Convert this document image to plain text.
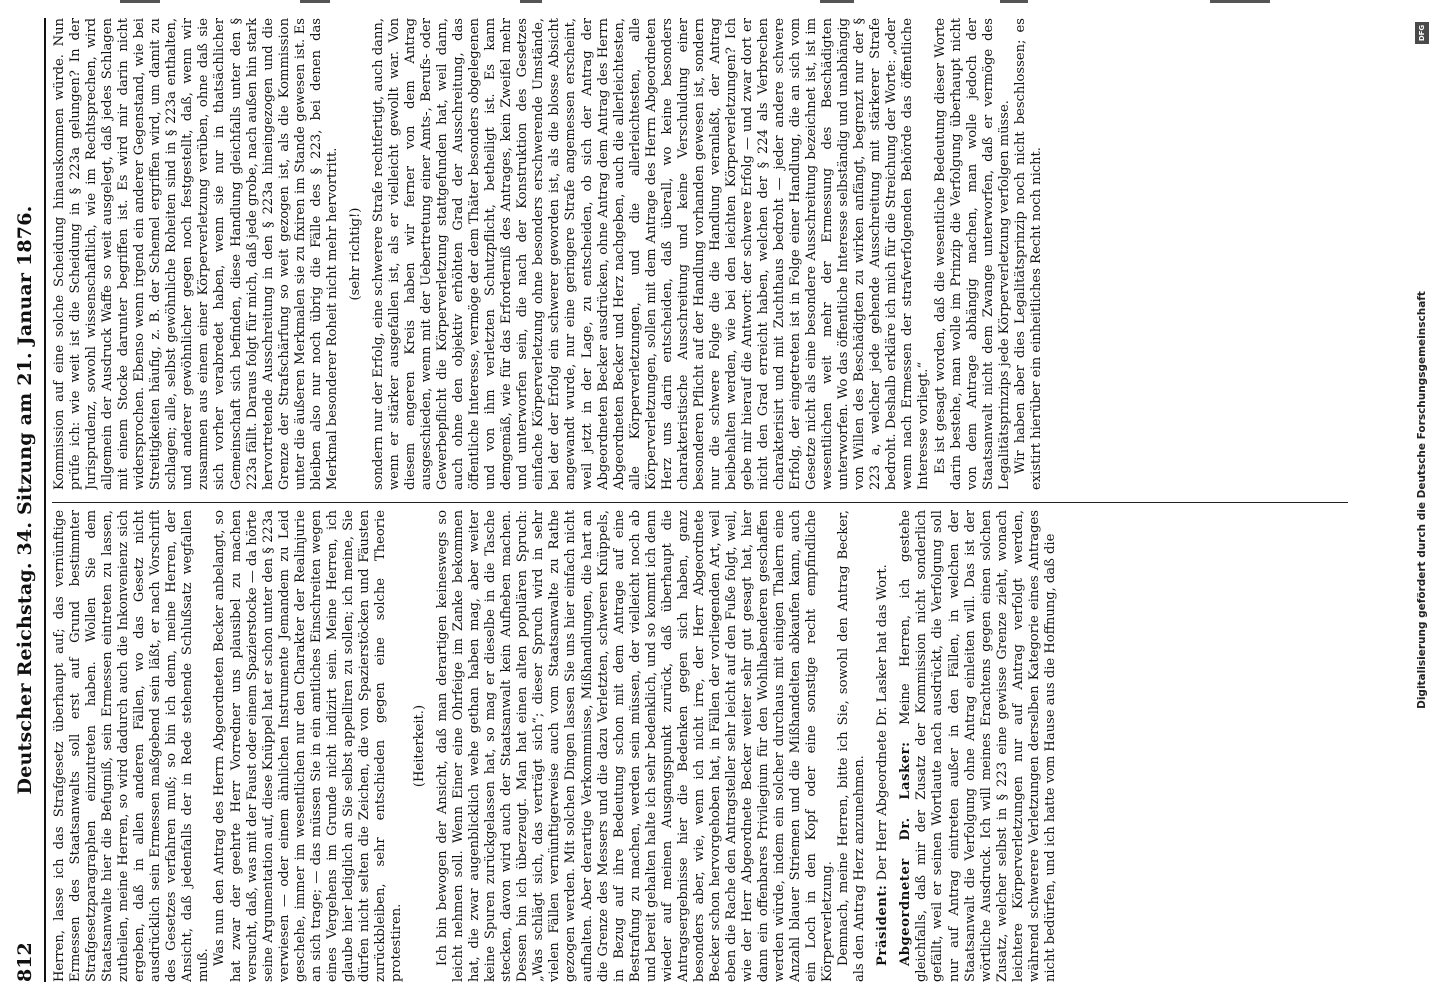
812
Deutscher Reichstag. 34. Sitzung am 21. Januar 1876. Herren, lasse ich das Strafgesetz überhaupt auf; das vernünftige Ermessen des Staatsanwalts soll erst auf Grund bestimmter Strafgesetzparagraphen einzutreten haben. Wollen Sie dem Staatsanwalte hier die Befugniß, sein Ermessen eintreten zu lassen, zutheilen, meine Herren, so wird dadurch auch die Inkonvenienz sich ergeben, daß in allen anderen Fällen, wo das Gesetz nicht ausdrücklich sein Ermessen maßgebend sein läßt, er nach Vorschrift des Gesetzes verfahren muß; so bin ich denn, meine Herren, der Ansicht, daß jedenfalls der in Rede stehende Schlußsatz wegfallen muß. Was nun den Antrag des Herrn Abgeordneten Becker anbelangt, so hat zwar der geehrte Herr Vorredner uns plausibel zu machen versucht, daß, was mit der Faust oder einem Spazierstocke — da hörte seine Argumentation auf, diese Knüppel hat er schon unter den § 223a verwiesen — oder einem ähnlichen Instrumente Jemandem zu Leid geschehe, immer im wesentlichen nur den Charakter der Realinjurie an sich trage; — das müssen Sie in ein amtliches Einschreiten wegen eines Vergehens im Grunde nicht indizirt sein. Meine Herren, ich glaube hier lediglich an Sie selbst appelliren zu sollen; ich meine, Sie dürfen nicht selten die Zeichen, die von Spazierstöcken und Fäusten zurückbleiben, sehr entschieden gegen eine solche Theorie protestiren.

(Heiterkeit.) Ich bin bewogen der Ansicht, daß man derartigen keineswegs so leicht nehmen soll. Wenn Einer eine Ohrfeige im Zanke bekommen hat, die zwar augenblicklich wehe gethan haben mag, aber weiter keine Spuren zurückgelassen hat, so mag er dieselbe in die Tasche stecken, davon wird auch der Staatsanwalt kein Aufheben machen. Dessen bin ich überzeugt. Man hat einen alten populären Spruch: „Was schlägt sich, das verträgt sich“; dieser Spruch wird in sehr vielen Fällen vernünftigerweise auch vom Staatsanwalte zu Rathe gezogen werden. Mit solchen Dingen lassen Sie uns hier einfach nicht aufhalten. Aber derartige Verkommnisse, Mißhandlungen, die hart an die Grenze des Messers und die dazu Verletzten, schweren Knüppels, in Bezug auf ihre Bedeutung schon mit dem Antrage auf eine Bestrafung zu machen, werden sein müssen, der vielleicht noch ab und bereit gehalten halte ich sehr bedenklich, und so kommt ich denn wieder auf meinen Ausgangspunkt zurück, daß überhaupt die Antragsergebnisse hier die Bedenken gegen sich haben, ganz besonders aber, wie, wenn ich nicht irre, der Herr Abgeordnete Becker schon hervorgehoben hat, in Fällen der vorliegenden Art, weil eben die Rache den Antragsteller sehr leicht auf den Fuße folgt, weil, wie der Herr Abgeordnete Becker weiter sehr gut gesagt hat, hier dann ein offenbares Privilegium für den Wohlhabenderen geschaffen werden würde, indem ein solcher durchaus mit einigen Thalern eine Anzahl blauer Striemen und die Mißhandelten abkaufen kann, auch ein Loch in den Kopf oder eine sonstige recht empfindliche Körperverletzung. Demnach, meine Herren, bitte ich Sie, sowohl den Antrag Becker, als den Antrag Herz anzunehmen. Präsident: Der Herr Abgeordnete Dr. Lasker hat das Wort. Abgeordneter Dr. Lasker: Meine Herren, ich gestehe gleichfalls, daß mir der Zusatz der Kommission nicht sonderlich gefällt, weil er seinen Wortlaute nach ausdrückt, die Verfolgung soll nur auf Antrag eintreten außer in den Fällen, in welchen der Staatsanwalt die Verfolgung ohne Antrag einleiten will. Das ist der wörtliche Ausdruck. Ich will meines Erachtens gegen einen solchen Zusatz, welcher selbst in § 223 eine gewisse Grenze zieht, wonach leichtere Körperverletzungen nur auf Antrag verfolgt werden, während schwerere Verletzungen derselben Kategorie eines Antrages nicht bedürfen, und ich hatte vom Hause aus die Hoffnung, daß die

Kommission auf eine solche Scheidung hinauskommen würde. Nun prüfe ich: wie weit ist die Scheidung in § 223a gelungen? In der Jurisprudenz, sowohl wissenschaftlich, wie im Rechtsprechen, wird allgemein der Ausdruck Waffe so weit ausgelegt, daß jedes Schlagen mit einem Stocke darunter begriffen ist. Es wird mir darin nicht widersprochen. Ebenso wenn irgend ein anderer Gegenstand, wie bei Streitigkeiten häufig, z. B. der Schemel ergriffen wird, um damit zu schlagen; alle, selbst gewöhnliche Roheiten sind in § 223a enthalten, und anderer gewöhnlicher gegen noch festgestellt, daß, wenn wir zusammen aus einem einer Körperverletzung verüben, ohne daß sie sich vorher verabredet haben, wenn sie nur in thatsächlicher Gemeinschaft sich befinden, diese Handlung gleichfalls unter den § 223a fällt. Daraus folgt für mich, daß jede grobe, nach außen hin stark hervortretende Ausschreitung in den § 223a hineingezogen und die Grenze der Strafschärfung so weit gezogen ist, als die Kommission unter die äußeren Merkmalen sie zu fixiren im Stande gewesen ist. Es bleiben also nur noch übrig die Fälle des § 223, bei denen das Merkmal besonderer Roheit nicht mehr hervortritt. (sehr richtig!) sondern nur der Erfolg, eine schwerere Strafe rechtfertigt, auch dann, wenn er stärker ausgefallen ist, als er vielleicht gewollt war. Von diesem engeren Kreis haben wir ferner von dem Antrag ausgeschieden, wenn mit der Uebertretung einer Amts-, Berufs- oder Gewerbepflicht die Körperverletzung stattgefunden hat, weil dann, auch ohne den objektiv erhöhten Grad der Ausschreitung, das öffentliche Interesse, vermöge der dem Thäter besonders obgelegenen und von ihm verletzten Schutzpflicht, betheiligt ist. Es kann demgemäß, wie für das Erforderniß des Antrages, kein Zweifel mehr und unterworfen sein, die nach der Konstruktion des Gesetzes einfache Körperverletzung ohne besonders erschwerende Umstände, bei der der Erfolg ein schwerer geworden ist, als die blosse Absicht angewandt wurde, nur eine geringere Strafe angemessen erscheint, weil jetzt in der Lage, zu entscheiden, ob sich der Antrag der Abgeordneten Becker ausdrücken, ohne Antrag dem Antrag des Herrn Abgeordneten Becker und Herz nachgeben, auch die allerleichtesten, alle Körperverletzungen, und die allerleichtesten, alle Körperverletzungen, sollen mit dem Antrage des Herrn Abgeordneten Herz uns darin entscheiden, daß überall, wo keine besonders charakteristische Ausschreitung und keine Verschuldung einer besonderen Pflicht auf der Handlung vorhanden gewesen ist, sondern nur die schwere Folge die die Handlung veranlaßt, der Antrag beibehalten werden, wie bei den leichten Körperverletzungen? Ich gebe mir hierauf die Antwort: der schwere Erfolg — und zwar dort er nicht den Grad erreicht haben, welchen der § 224 als Verbrechen charakterisirt und mit Zuchthaus bedroht — jeder andere schwere Erfolg, der eingetreten ist in Folge einer Handlung, die an sich vom Gesetze nicht als eine besondere Ausschreitung bezeichnet ist, ist im wesentlichen weit mehr der Ermessung des Beschädigten unterworfen. Wo das öffentliche Interesse selbständig und unabhängig von Willen des Beschädigten zu wirken anfängt, begrenzt nur der § 223 a, welcher jede gehende Ausschreitung mit stärkerer Strafe bedroht. Deshalb erkläre ich mich für die Streichung der Worte: „oder wenn nach Ermessen der strafverfolgenden Behörde das öffentliche Interesse vorliegt.“ Es ist gesagt worden, daß die wesentliche Bedeutung dieser Worte darin bestehe, man wolle im Prinzip die Verfolgung überhaupt nicht von dem Antrage abhängig machen, man wolle jedoch der Staatsanwalt nicht dem Zwange unterworfen, daß er vermöge des Legalitätsprinzips jede Körperverletzung verfolgen müsse. Wir haben aber dies Legalitätsprinzip noch nicht beschlossen; es existirt hierüber ein einheitliches Recht noch nicht.

DFG
Digitalisierung gefördert durch die Deutsche Forschungsgemeinschaft
